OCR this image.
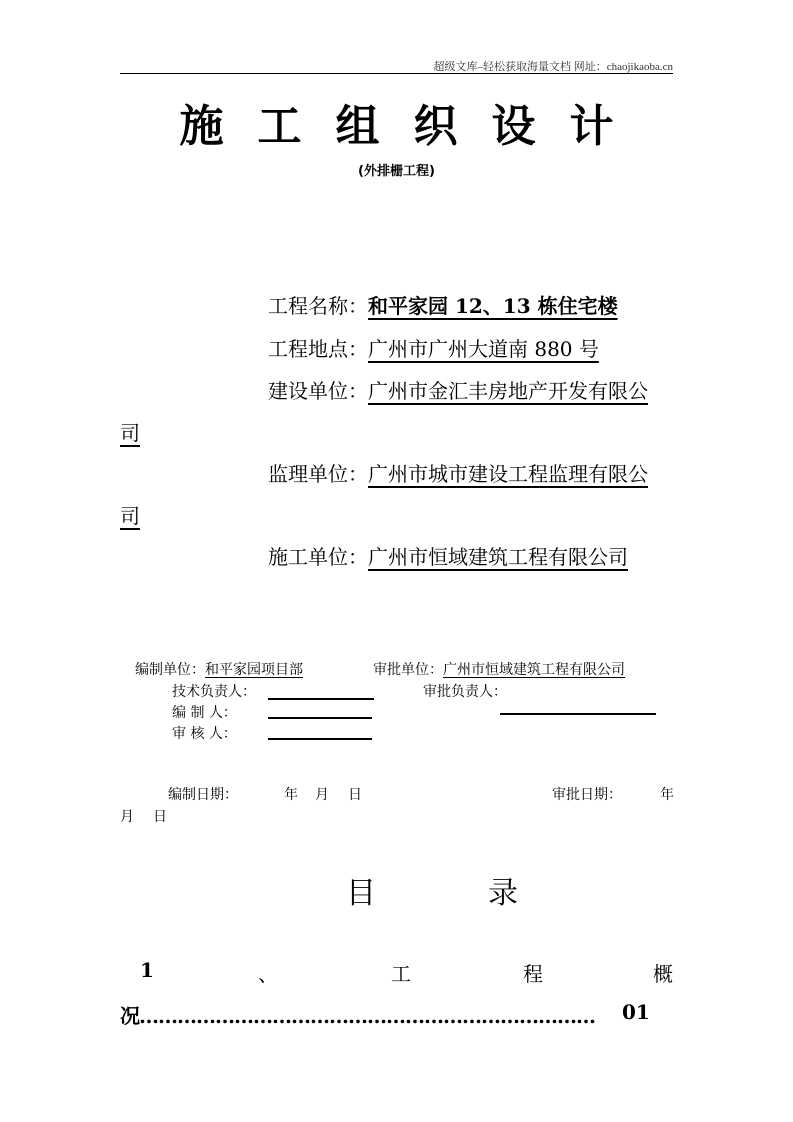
超级文库–轻松获取海量文档 网址：chaojikaoba.cn
施 工 组 织 设 计
(外排栅工程)
工程名称：和平家园 12、13 栋住宅楼
工程地点：广州市广州大道南 880 号
建设单位：广州市金汇丰房地产开发有限公
司
监理单位：广州市城市建设工程监理有限公
司
施工单位：广州市恒域建筑工程有限公司
编制单位：和平家园项目部	审批单位：广州市恒域建筑工程有限公司
技术负责人：	审批负责人：
编 制 人：
审 核 人：
编制日期：	年 月 日	审批日期：	年
月 日
目	录
1	、	工	程	概
况……………………………………………………………… 01
